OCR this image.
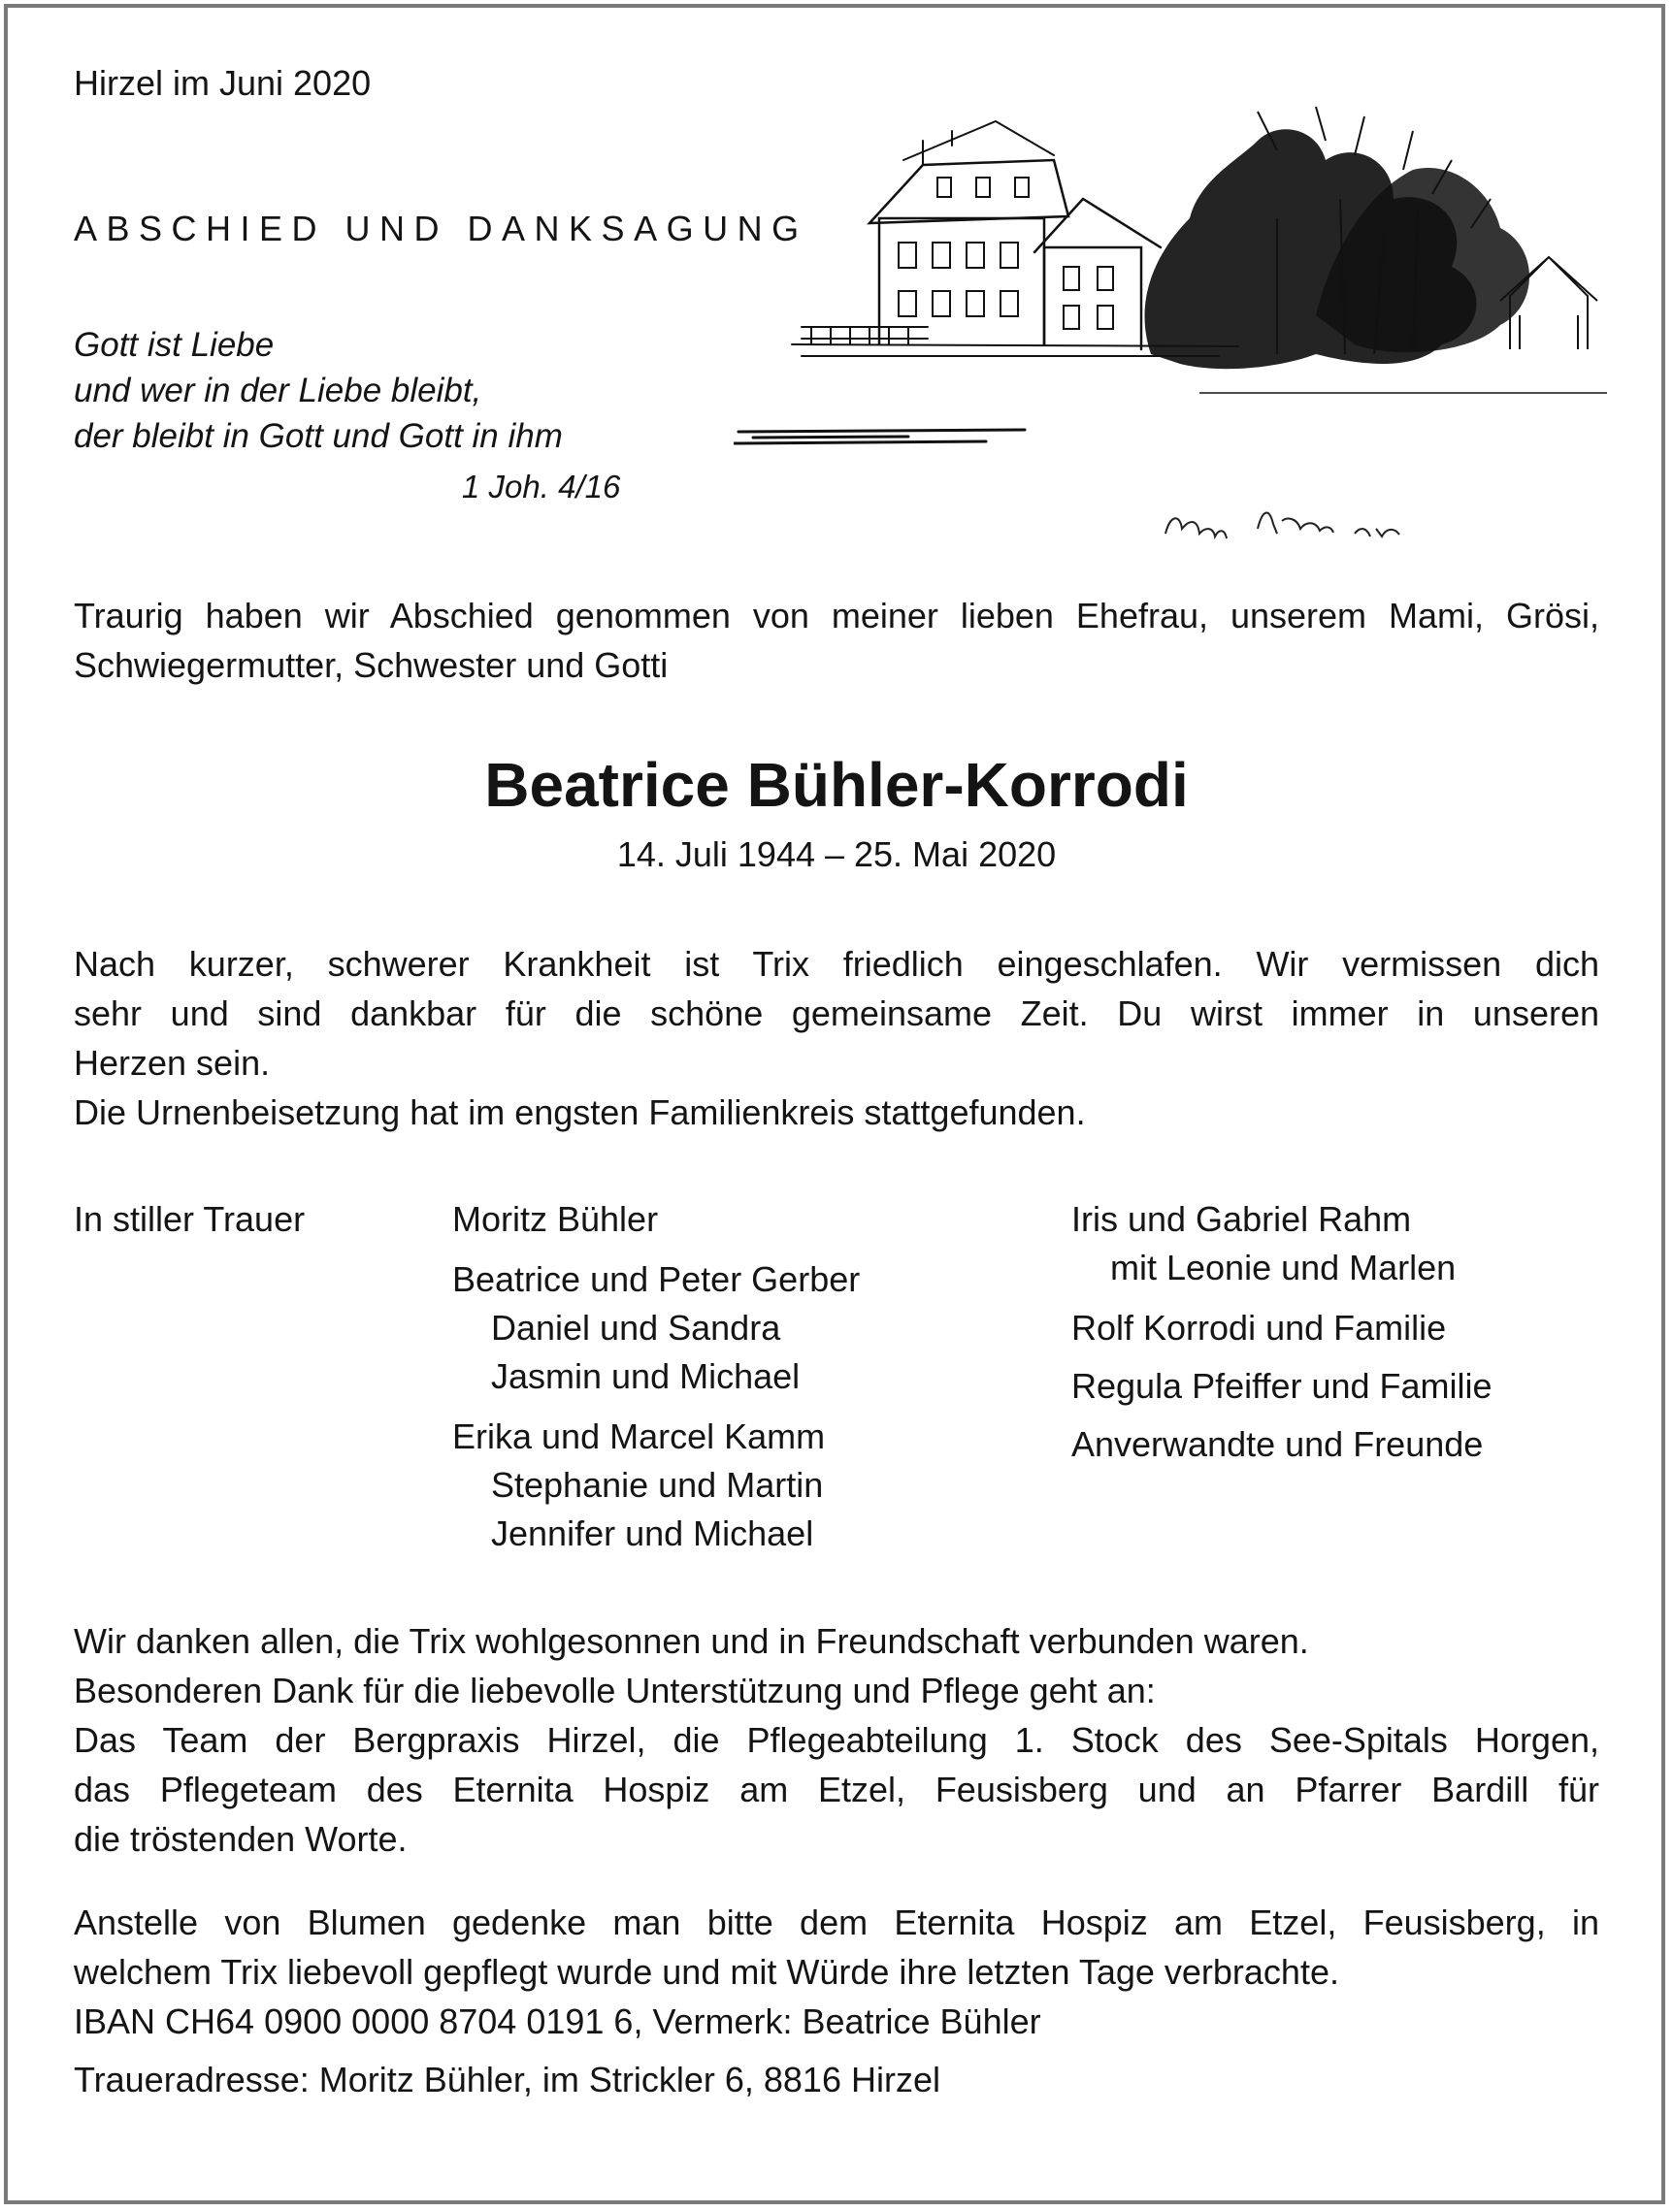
Hirzel im Juni 2020

ABSCHIED UND DANKSAGUNG

Gott ist Liebe
und wer in der Liebe bleibt,
der bleibt in Gott und Gott in ihm

1 Joh. 4/16

Traurig haben wir Abschied genommen von meiner lieben Ehefrau, unserem Mami, Grösi, Schwiegermutter, Schwester und Gotti

Beatrice Bühler-Korrodi

14. Juli 1944 – 25. Mai 2020

Nach kurzer, schwerer Krankheit ist Trix friedlich eingeschlafen. Wir vermissen dich
sehr und sind dankbar für die schöne gemeinsame Zeit. Du wirst immer in unseren
Herzen sein.
Die Urnenbeisetzung hat im engsten Familienkreis stattgefunden.

In stiller Trauer	Moritz Bühler
Beatrice und Peter Gerber
Daniel und Sandra
Jasmin und Michael
Erika und Marcel Kamm
Stephanie und Martin
Jennifer und Michael
Iris und Gabriel Rahm
mit Leonie und Marlen
Rolf Korrodi und Familie
Regula Pfeiffer und Familie
Anverwandte und Freunde
Wir danken allen, die Trix wohlgesonnen und in Freundschaft verbunden waren.
Besonderen Dank für die liebevolle Unterstützung und Pflege geht an:
Das Team der Bergpraxis Hirzel, die Pflegeabteilung 1. Stock des See-Spitals Horgen,
das Pflegeteam des Eternita Hospiz am Etzel, Feusisberg und an Pfarrer Bardill für
die tröstenden Worte.
Anstelle von Blumen gedenke man bitte dem Eternita Hospiz am Etzel, Feusisberg, in
welchem Trix liebevoll gepflegt wurde und mit Würde ihre letzten Tage verbrachte.
IBAN CH64 0900 0000 8704 0191 6, Vermerk: Beatrice Bühler

Traueradresse: Moritz Bühler, im Strickler 6, 8816 Hirzel
